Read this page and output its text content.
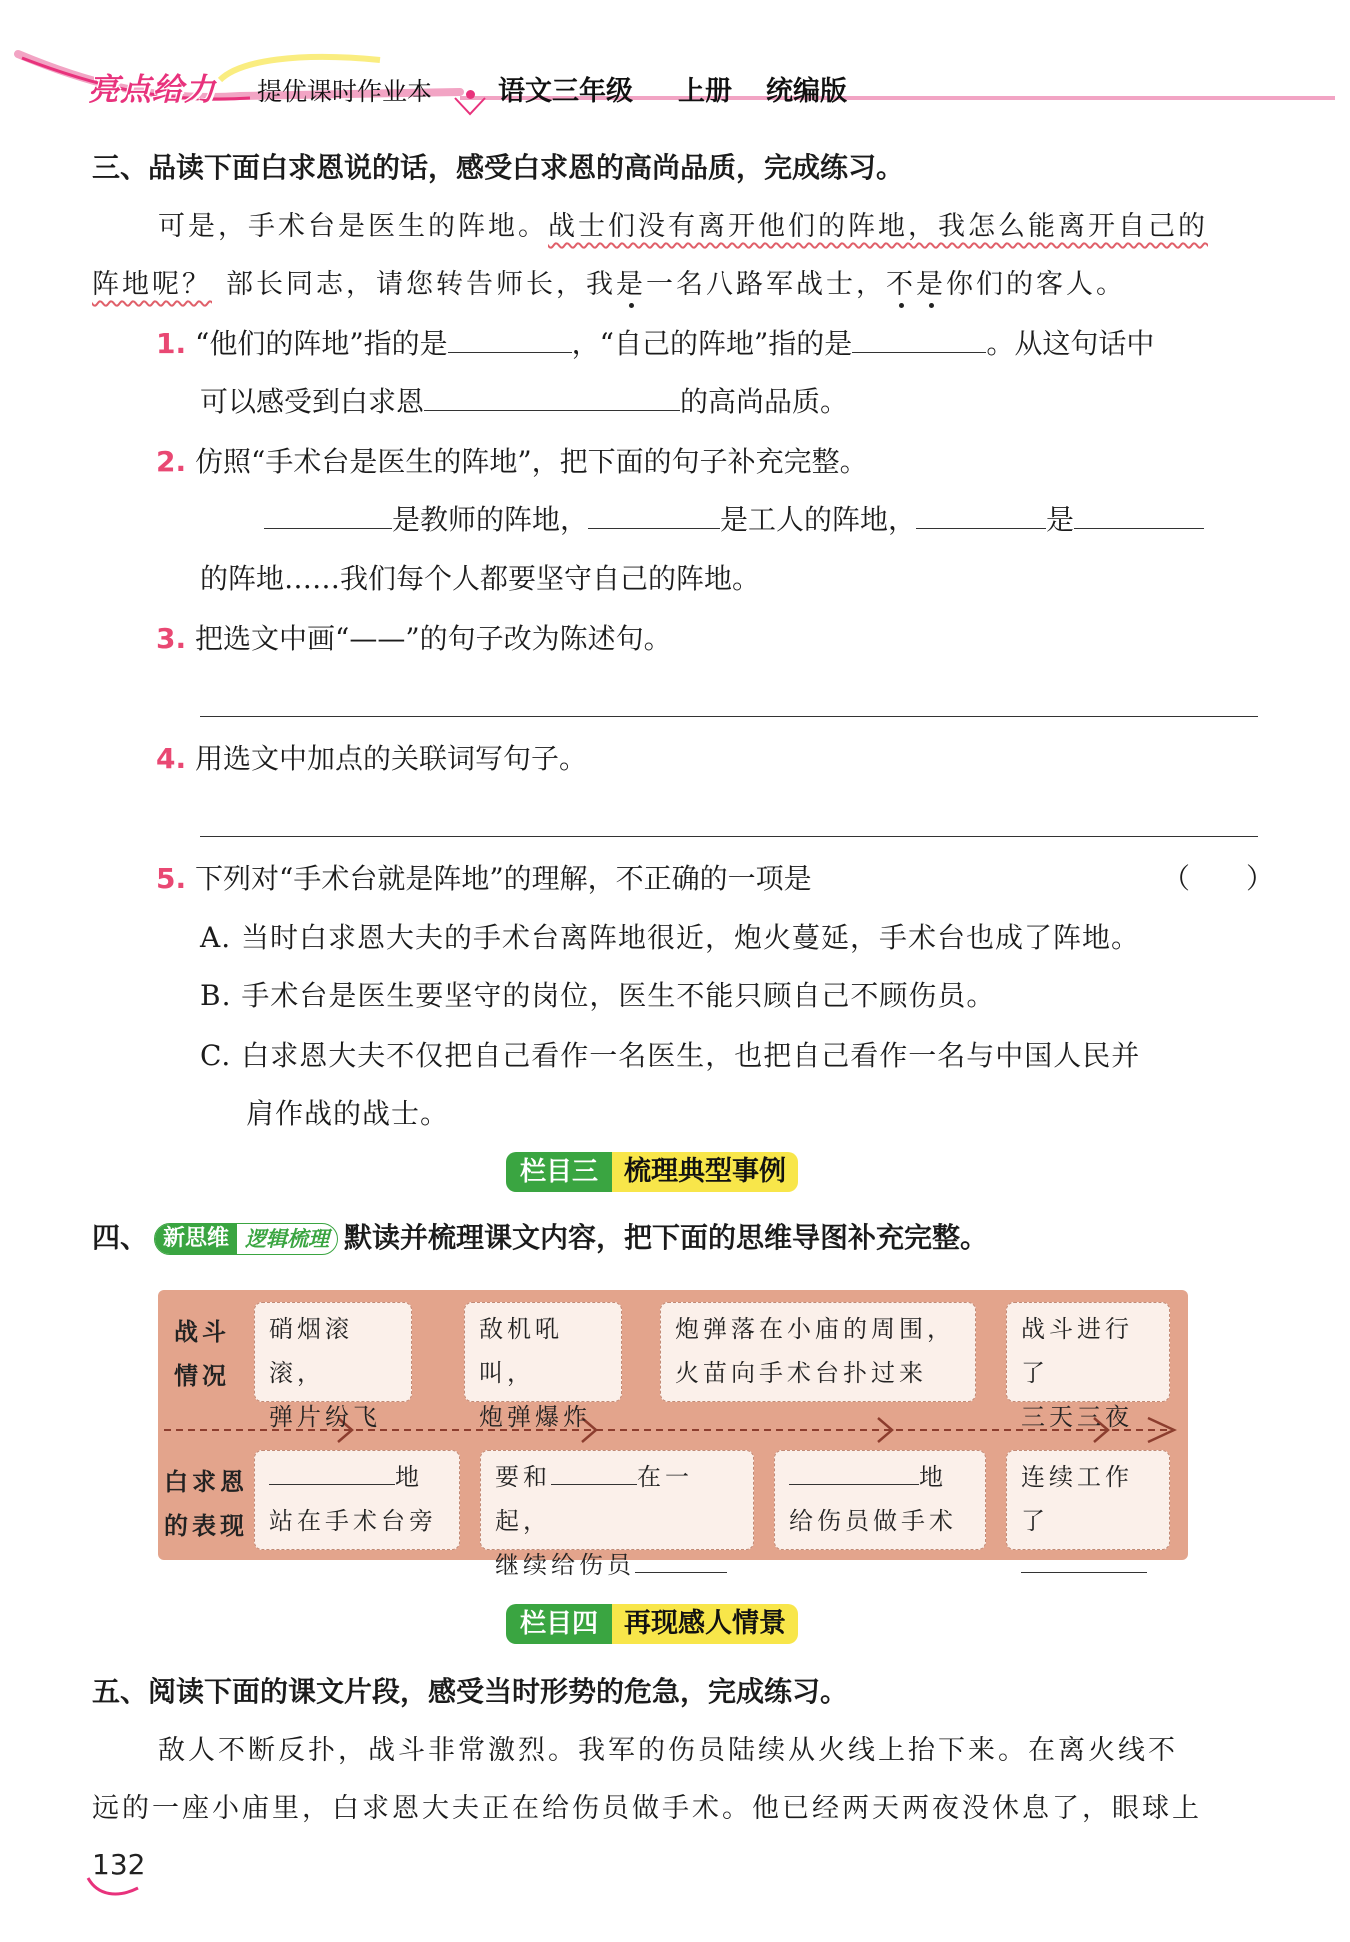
亮点给力 提优课时作业本 语文三年级 上册 统编版
三、品读下面白求恩说的话，感受白求恩的高尚品质，完成练习。
可是，手术台是医生的阵地。战士们没有离开他们的阵地，我怎么能离开自己的
阵地呢？ 部长同志，请您转告师长，我是一名八路军战士，不是你们的客人。
1. “他们的阵地”指的是	，“自己的阵地”指的是	。从这句话中
可以感受到白求恩	的高尚品质。
2. 仿照“手术台是医生的阵地”，把下面的句子补充完整。
是教师的阵地，	是工人的阵地，	是
的阵地……我们每个人都要坚守自己的阵地。
3. 把选文中画“——”的句子改为陈述句。
4. 用选文中加点的关联词写句子。
5. 下列对“手术台就是阵地”的理解，不正确的一项是	（　　）
A. 当时白求恩大夫的手术台离阵地很近，炮火蔓延，手术台也成了阵地。
B. 手术台是医生要坚守的岗位，医生不能只顾自己不顾伤员。
C. 白求恩大夫不仅把自己看作一名医生，也把自己看作一名与中国人民并
肩作战的战士。
栏目三 梳理典型事例
四、 新思维 逻辑梳理 默读并梳理课文内容，把下面的思维导图补充完整。
战斗
情况
白求恩
的表现
硝烟滚滚，
弹片纷飞
敌机吼叫，
炮弹爆炸
炮弹落在小庙的周围，
火苗向手术台扑过来
战斗进行了
三天三夜
地
站在手术台旁
要和	在一起，
继续给伤员
地
给伤员做手术
连续工作了
栏目四 再现感人情景
五、阅读下面的课文片段，感受当时形势的危急，完成练习。
敌人不断反扑，战斗非常激烈。我军的伤员陆续从火线上抬下来。在离火线不
远的一座小庙里，白求恩大夫正在给伤员做手术。他已经两天两夜没休息了，眼球上
132
